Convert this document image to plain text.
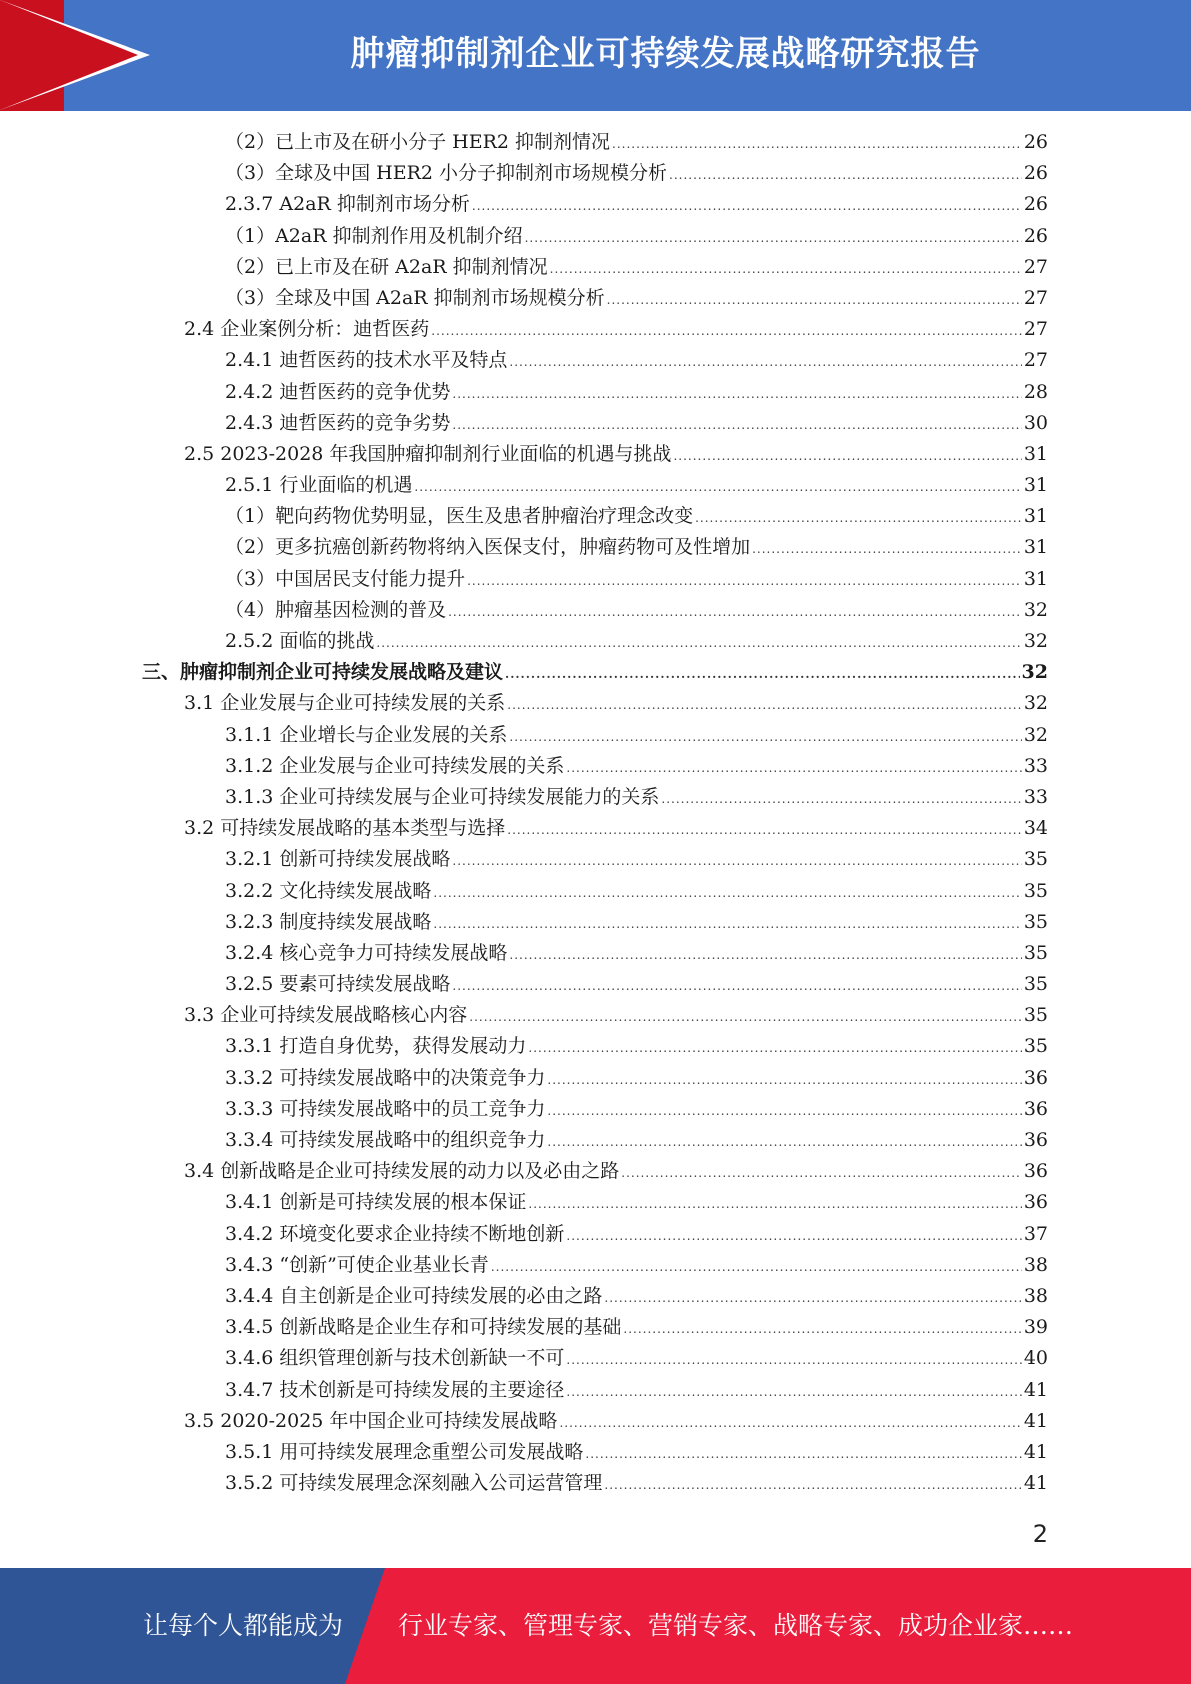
肿瘤抑制剂企业可持续发展战略研究报告
（2）已上市及在研小分子 HER2 抑制剂情况 .....	26
（3）全球及中国 HER2 小分子抑制剂市场规模分析 .....	26
2.3.7 A2aR 抑制剂市场分析 .....	26
（1）A2aR 抑制剂作用及机制介绍 .....	26
（2）已上市及在研 A2aR 抑制剂情况 .....	27
（3）全球及中国 A2aR 抑制剂市场规模分析 .....	27
2.4 企业案例分析：迪哲医药 .....	27
2.4.1 迪哲医药的技术水平及特点 .....	27
2.4.2 迪哲医药的竞争优势 .....	28
2.4.3 迪哲医药的竞争劣势 .....	30
2.5 2023-2028 年我国肿瘤抑制剂行业面临的机遇与挑战 .....	31
2.5.1 行业面临的机遇 .....	31
（1）靶向药物优势明显，医生及患者肿瘤治疗理念改变 .....	31
（2）更多抗癌创新药物将纳入医保支付，肿瘤药物可及性增加 .....	31
（3）中国居民支付能力提升 .....	31
（4）肿瘤基因检测的普及 .....	32
2.5.2 面临的挑战 .....	32
三、肿瘤抑制剂企业可持续发展战略及建议 .....	32
3.1 企业发展与企业可持续发展的关系 .....	32
3.1.1 企业增长与企业发展的关系 .....	32
3.1.2 企业发展与企业可持续发展的关系 .....	33
3.1.3 企业可持续发展与企业可持续发展能力的关系 .....	33
3.2 可持续发展战略的基本类型与选择 .....	34
3.2.1 创新可持续发展战略 .....	35
3.2.2 文化持续发展战略 .....	35
3.2.3 制度持续发展战略 .....	35
3.2.4 核心竞争力可持续发展战略 .....	35
3.2.5 要素可持续发展战略 .....	35
3.3 企业可持续发展战略核心内容 .....	35
3.3.1 打造自身优势，获得发展动力 .....	35
3.3.2 可持续发展战略中的决策竞争力 .....	36
3.3.3 可持续发展战略中的员工竞争力 .....	36
3.3.4 可持续发展战略中的组织竞争力 .....	36
3.4 创新战略是企业可持续发展的动力以及必由之路 .....	36
3.4.1 创新是可持续发展的根本保证 .....	36
3.4.2 环境变化要求企业持续不断地创新 .....	37
3.4.3 “创新”可使企业基业长青 .....	38
3.4.4 自主创新是企业可持续发展的必由之路 .....	38
3.4.5 创新战略是企业生存和可持续发展的基础 .....	39
3.4.6 组织管理创新与技术创新缺一不可 .....	40
3.4.7 技术创新是可持续发展的主要途径 .....	41
3.5 2020-2025 年中国企业可持续发展战略 .....	41
3.5.1 用可持续发展理念重塑公司发展战略 .....	41
3.5.2 可持续发展理念深刻融入公司运营管理 .....	41
2
让每个人都能成为 行业专家、管理专家、营销专家、战略专家、成功企业家……
